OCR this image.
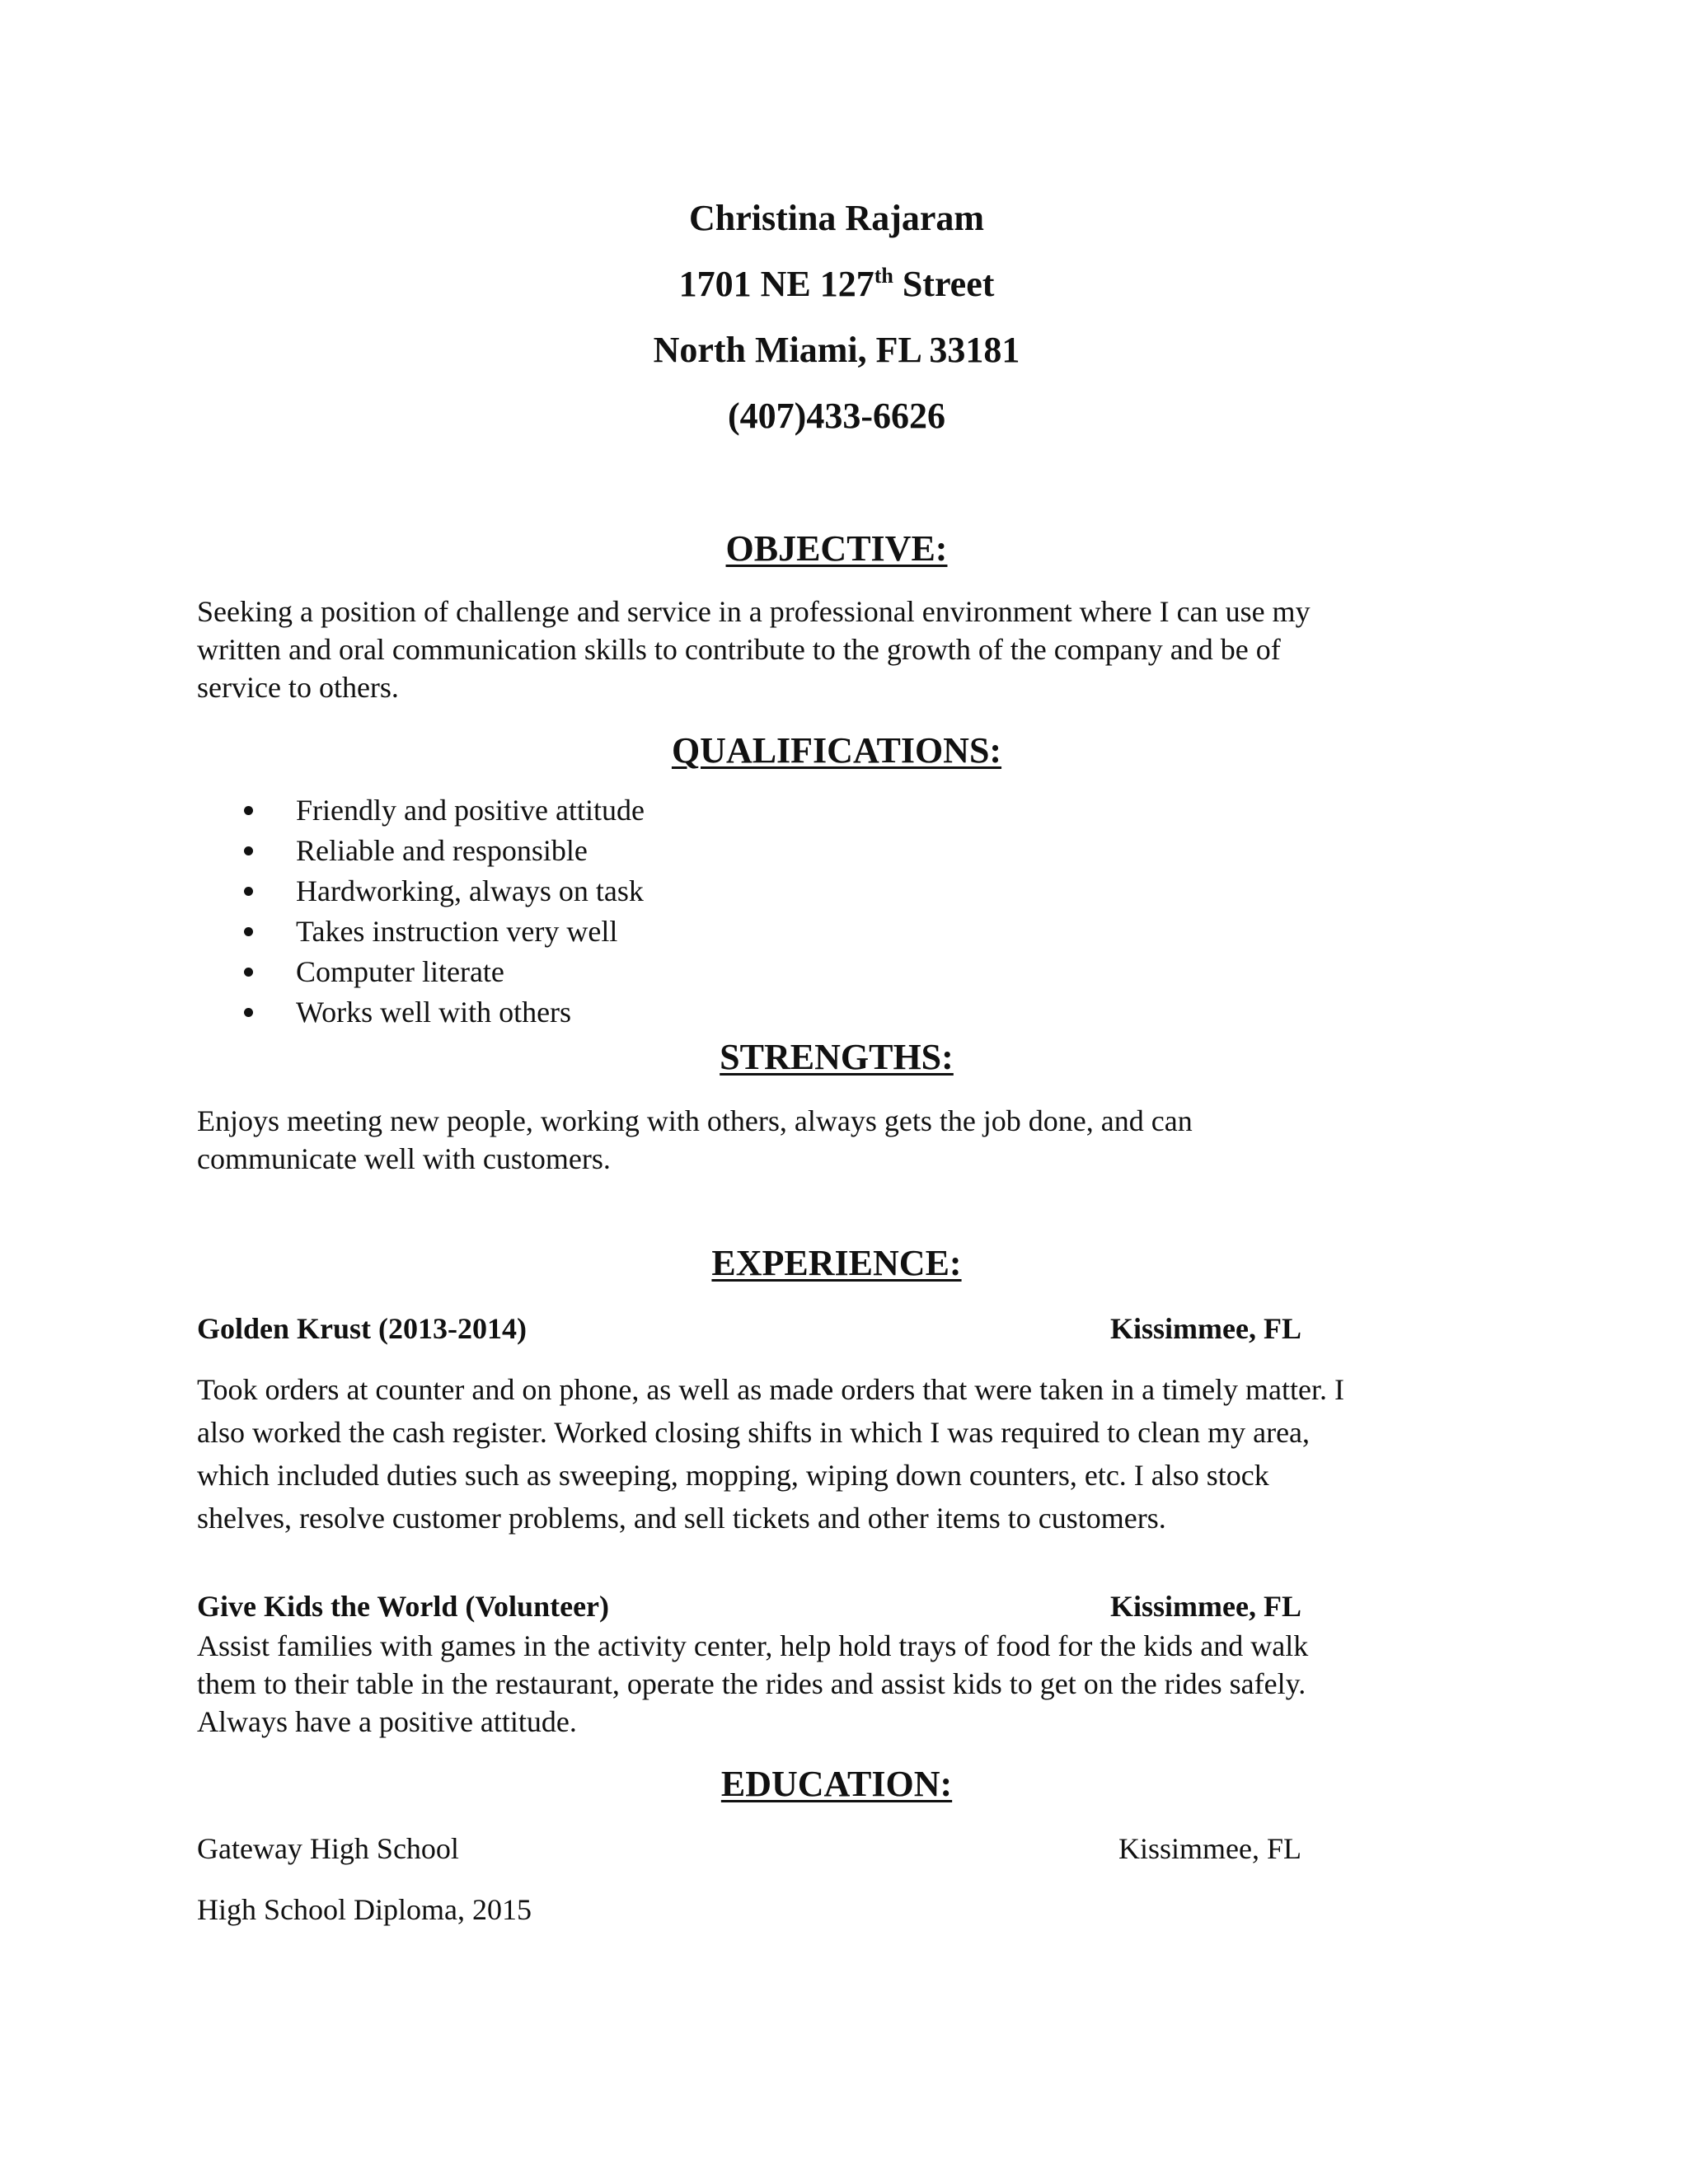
Christina Rajaram
1701 NE 127th Street
North Miami, FL 33181
(407)433-6626
OBJECTIVE:
Seeking a position of challenge and service in a professional environment where I can use my
written and oral communication skills to contribute to the growth of the company and be of
service to others.
QUALIFICATIONS:
Friendly and positive attitude
Reliable and responsible
Hardworking, always on task
Takes instruction very well
Computer literate
Works well with others
STRENGTHS:
Enjoys meeting new people, working with others, always gets the job done, and can
communicate well with customers.
EXPERIENCE:
Golden Krust (2013-2014)	Kissimmee, FL
Took orders at counter and on phone, as well as made orders that were taken in a timely matter. I
also worked the cash register. Worked closing shifts in which I was required to clean my area,
which included duties such as sweeping, mopping, wiping down counters, etc. I also stock
shelves, resolve customer problems, and sell tickets and other items to customers.
Give Kids the World (Volunteer)	Kissimmee, FL
Assist families with games in the activity center, help hold trays of food for the kids and walk
them to their table in the restaurant, operate the rides and assist kids to get on the rides safely.
Always have a positive attitude.
EDUCATION:
Gateway High School	Kissimmee, FL
High School Diploma, 2015
